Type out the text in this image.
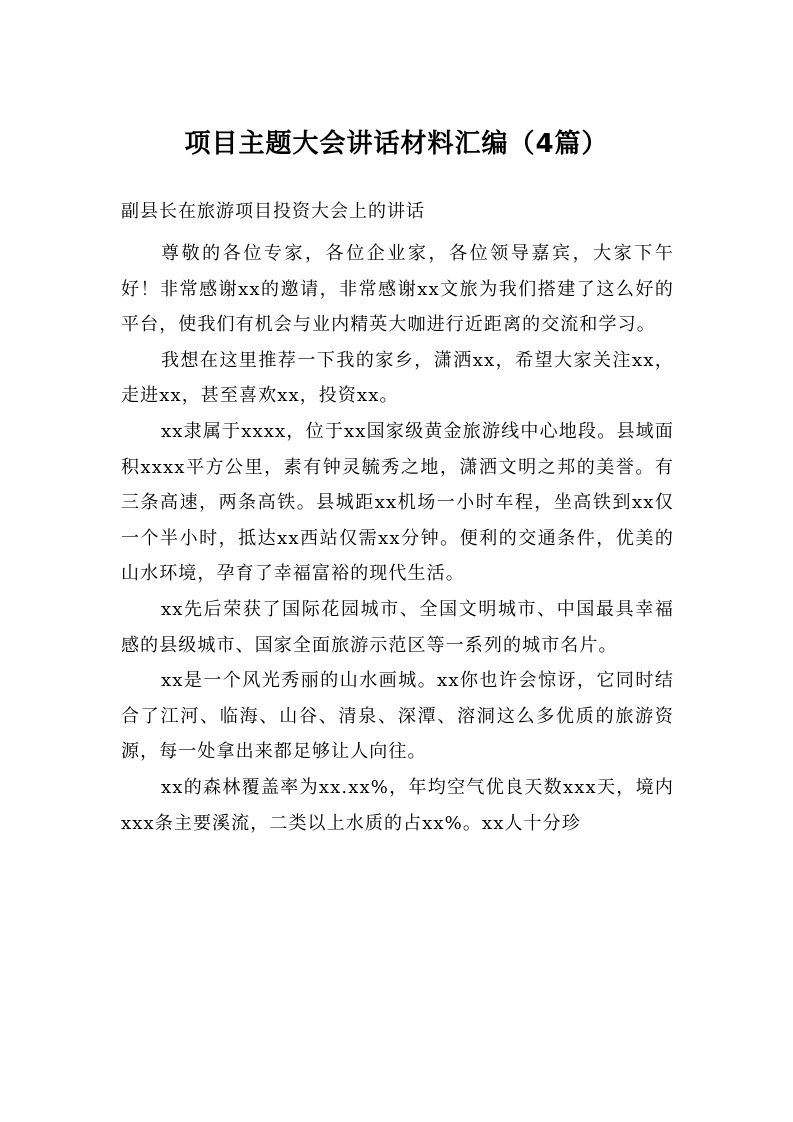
项目主题大会讲话材料汇编（4篇）
副县长在旅游项目投资大会上的讲话

尊敬的各位专家，各位企业家，各位领导嘉宾，大家下午好！非常感谢xx的邀请，非常感谢xx文旅为我们搭建了这么好的平台，使我们有机会与业内精英大咖进行近距离的交流和学习。

我想在这里推荐一下我的家乡，潇洒xx，希望大家关注xx，走进xx，甚至喜欢xx，投资xx。

xx隶属于xxxx，位于xx国家级黄金旅游线中心地段。县域面积xxxx平方公里，素有钟灵毓秀之地，潇洒文明之邦的美誉。有三条高速，两条高铁。县城距xx机场一小时车程，坐高铁到xx仅一个半小时，抵达xx西站仅需xx分钟。便利的交通条件，优美的山水环境，孕育了幸福富裕的现代生活。

xx先后荣获了国际花园城市、全国文明城市、中国最具幸福感的县级城市、国家全面旅游示范区等一系列的城市名片。

xx是一个风光秀丽的山水画城。xx你也许会惊讶，它同时结合了江河、临海、山谷、清泉、深潭、溶洞这么多优质的旅游资源，每一处拿出来都足够让人向往。

xx的森林覆盖率为xx.xx%，年均空气优良天数xxx天，境内xxx条主要溪流，二类以上水质的占xx%。xx人十分珍
